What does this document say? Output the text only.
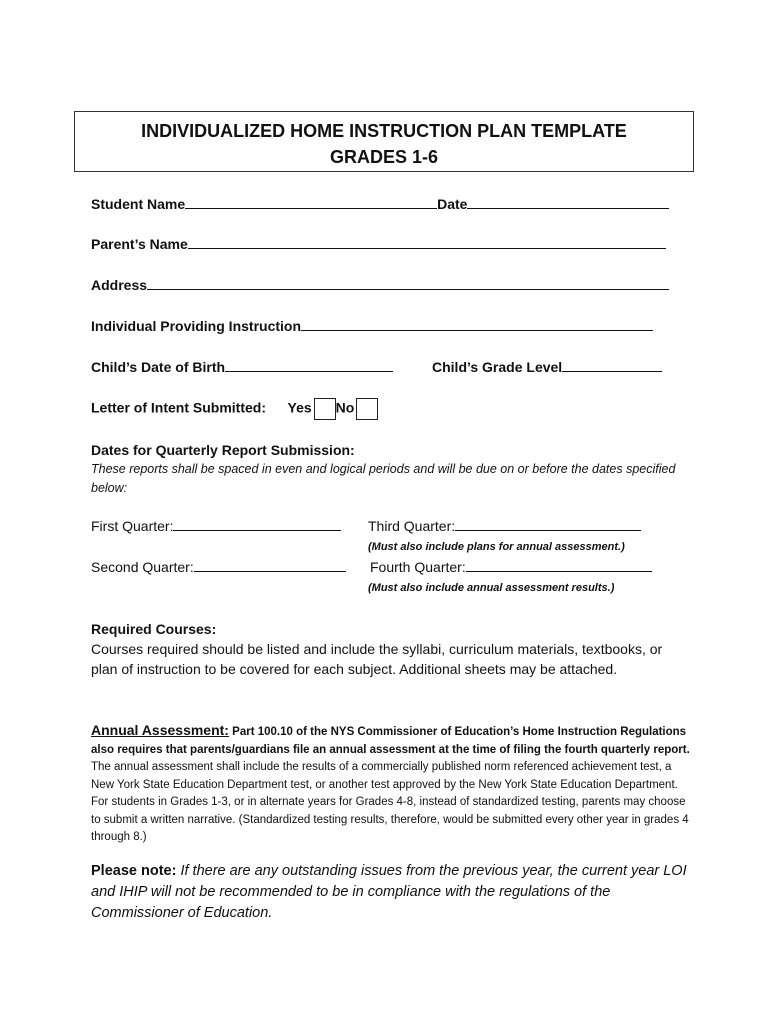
INDIVIDUALIZED HOME INSTRUCTION PLAN TEMPLATE
GRADES 1-6
Student Name	Date
Parent’s Name
Address
Individual Providing Instruction
Child’s Date of Birth	Child’s Grade Level
Letter of Intent Submitted: Yes No
Dates for Quarterly Report Submission:
These reports shall be spaced in even and logical periods and will be due on or before the dates specified below:
First Quarter:	Third Quarter:
(Must also include plans for annual assessment.)
Second Quarter:	Fourth Quarter:
(Must also include annual assessment results.)
Required Courses:
Courses required should be listed and include the syllabi, curriculum materials, textbooks, or plan of instruction to be covered for each subject. Additional sheets may be attached.
Annual Assessment: Part 100.10 of the NYS Commissioner of Education’s Home Instruction Regulations also requires that parents/guardians file an annual assessment at the time of filing the fourth quarterly report. The annual assessment shall include the results of a commercially published norm referenced achievement test, a New York State Education Department test, or another test approved by the New York State Education Department. For students in Grades 1-3, or in alternate years for Grades 4-8, instead of standardized testing, parents may choose to submit a written narrative. (Standardized testing results, therefore, would be submitted every other year in grades 4 through 8.)
Please note: If there are any outstanding issues from the previous year, the current year LOI and IHIP will not be recommended to be in compliance with the regulations of the Commissioner of Education.
